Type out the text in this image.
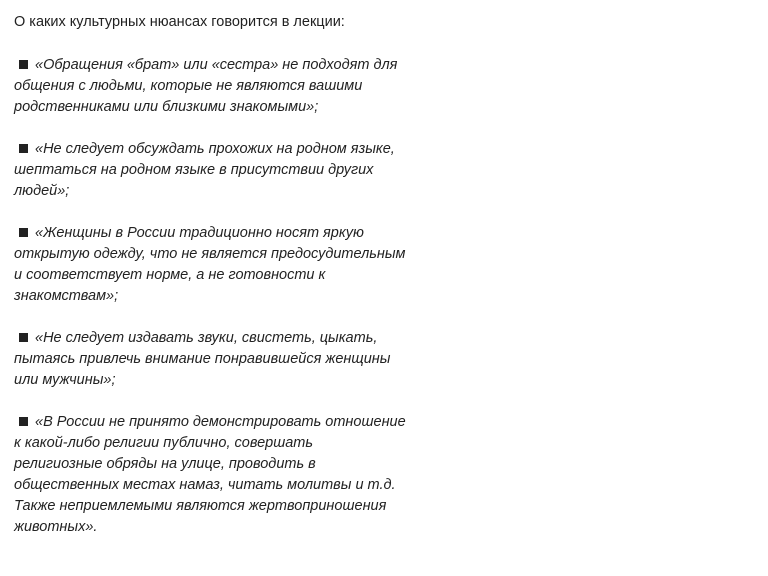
О каких культурных нюансах говорится в лекции:
«Обращения «брат» или «сестра» не подходят для
общения с людьми, которые не являются вашими
родственниками или близкими знакомыми»;
«Не следует обсуждать прохожих на родном языке,
шептаться на родном языке в присутствии других
людей»;
«Женщины в России традиционно носят яркую
открытую одежду, что не является предосудительным
и соответствует норме, а не готовности к
знакомствам»;
«Не следует издавать звуки, свистеть, цыкать,
пытаясь привлечь внимание понравившейся женщины
или мужчины»;
«В России не принято демонстрировать отношение
к какой-либо религии публично, совершать
религиозные обряды на улице, проводить в
общественных местах намаз, читать молитвы и т.д.
Также неприемлемыми являются жертвоприношения
животных».
